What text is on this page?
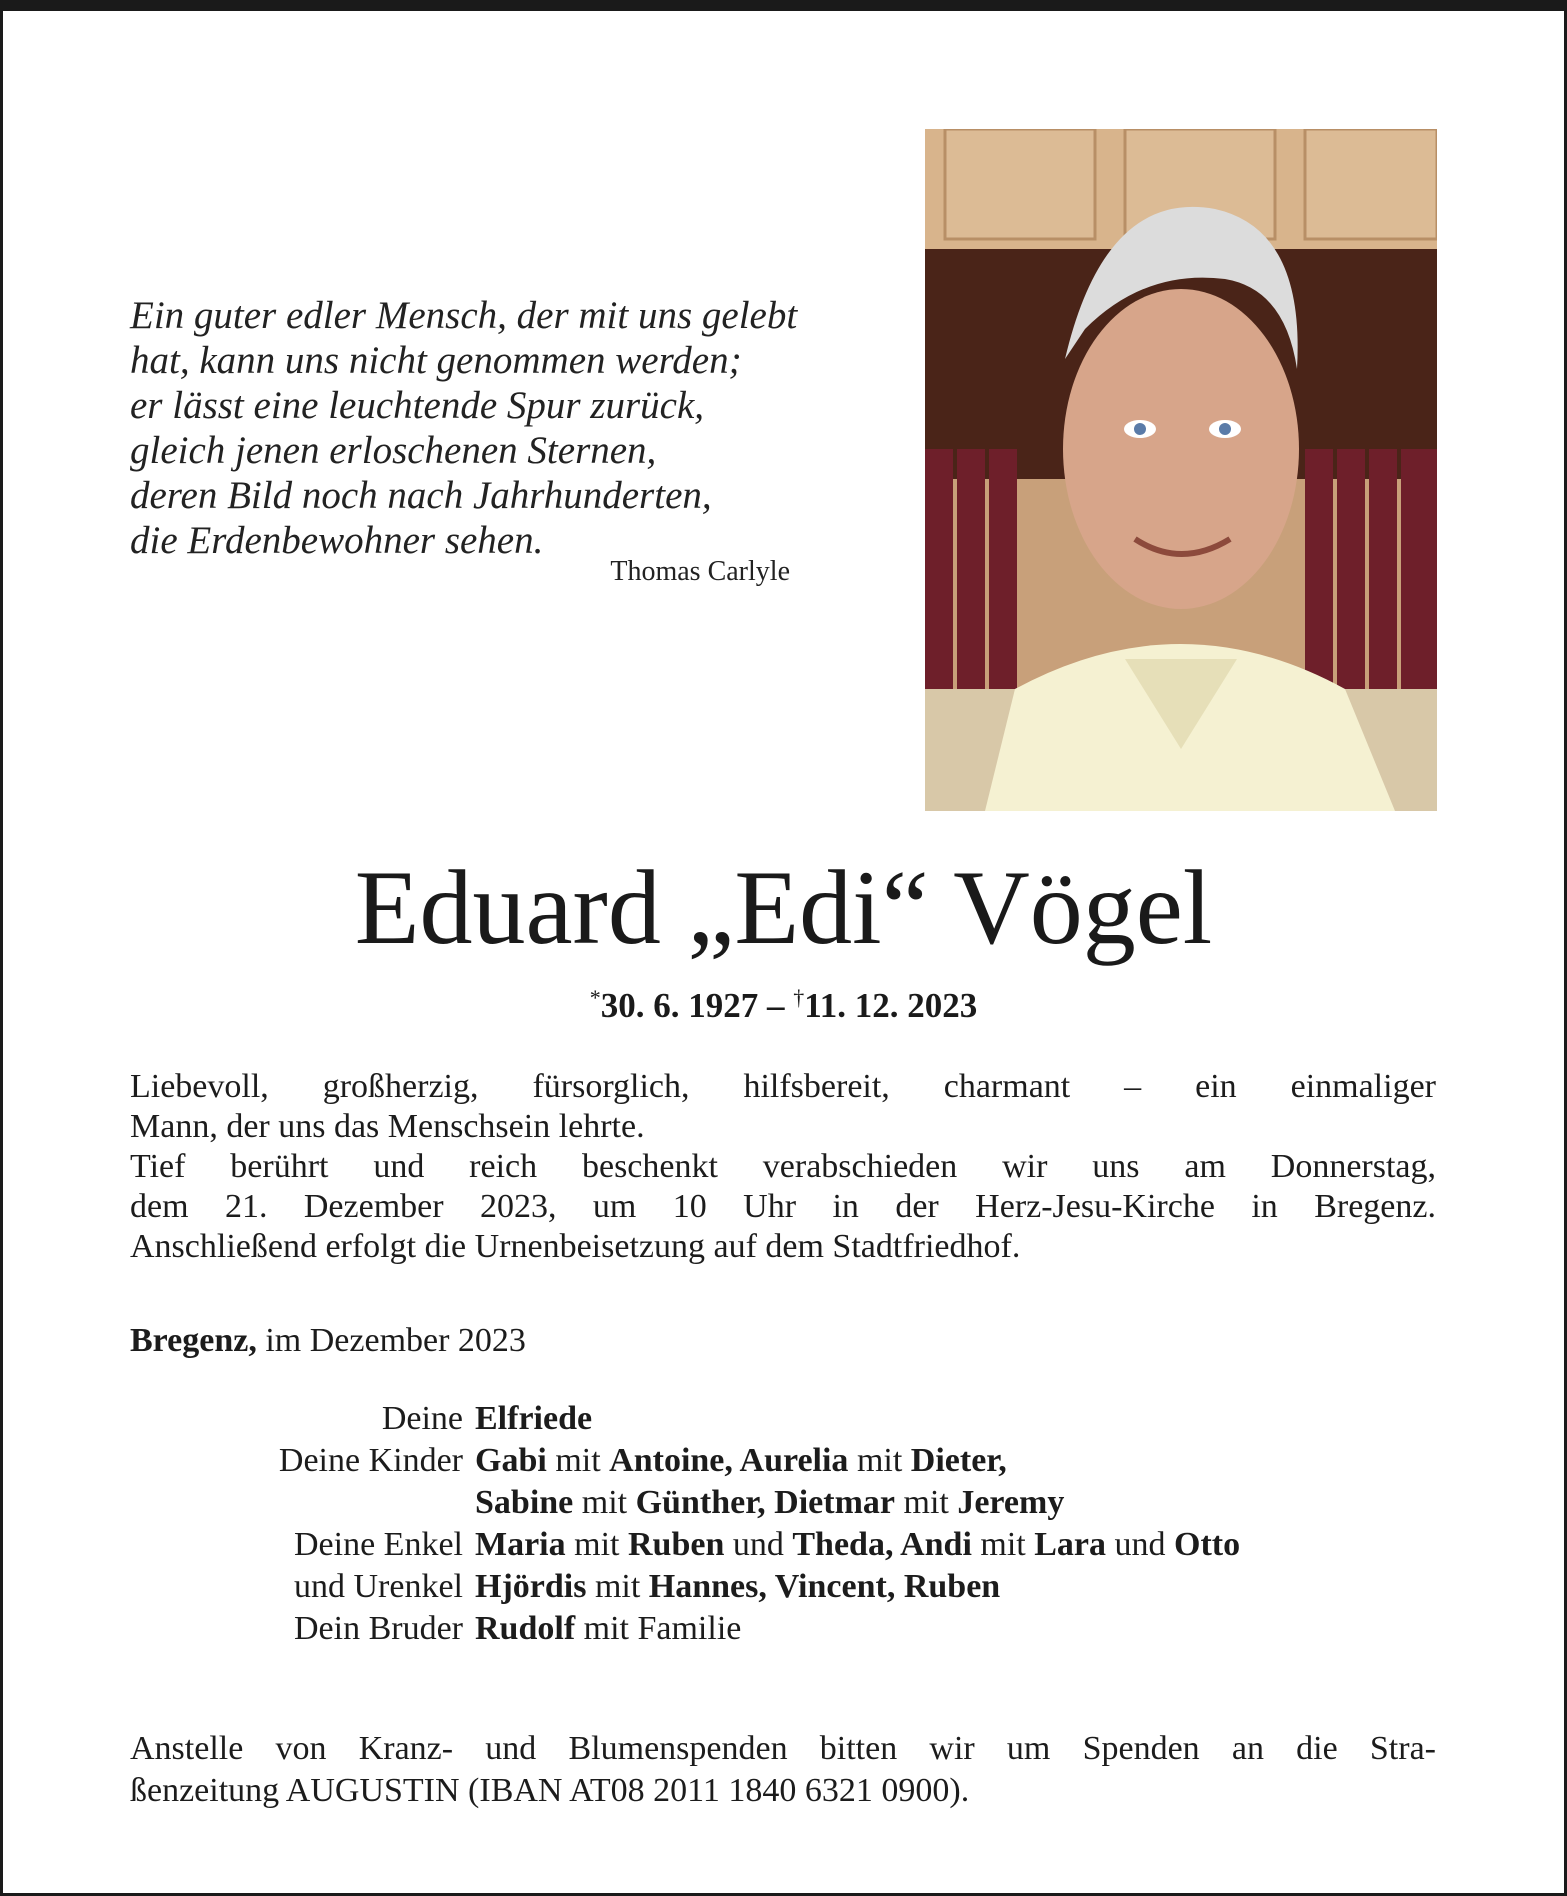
Ein guter edler Mensch, der mit uns gelebt
hat, kann uns nicht genommen werden;
er lässt eine leuchtende Spur zurück,
gleich jenen erloschenen Sternen,
deren Bild noch nach Jahrhunderten,
die Erdenbewohner sehen.
Thomas Carlyle
Eduard „Edi“ Vögel
*30. 6. 1927 – †11. 12. 2023
Liebevoll, großherzig, fürsorglich, hilfsbereit, charmant – ein einmaliger
Mann, der uns das Menschsein lehrte.
Tief berührt und reich beschenkt verabschieden wir uns am Donnerstag,
dem 21. Dezember 2023, um 10 Uhr in der Herz-Jesu-Kirche in Bregenz.
Anschließend erfolgt die Urnenbeisetzung auf dem Stadtfriedhof.
Bregenz, im Dezember 2023
Deine Elfriede
Deine Kinder Gabi mit Antoine, Aurelia mit Dieter,
Sabine mit Günther, Dietmar mit Jeremy
Deine Enkel Maria mit Ruben und Theda, Andi mit Lara und Otto
und Urenkel Hjördis mit Hannes, Vincent, Ruben
Dein Bruder Rudolf mit Familie
Anstelle von Kranz- und Blumenspenden bitten wir um Spenden an die Stra-
ßenzeitung AUGUSTIN (IBAN AT08 2011 1840 6321 0900).
